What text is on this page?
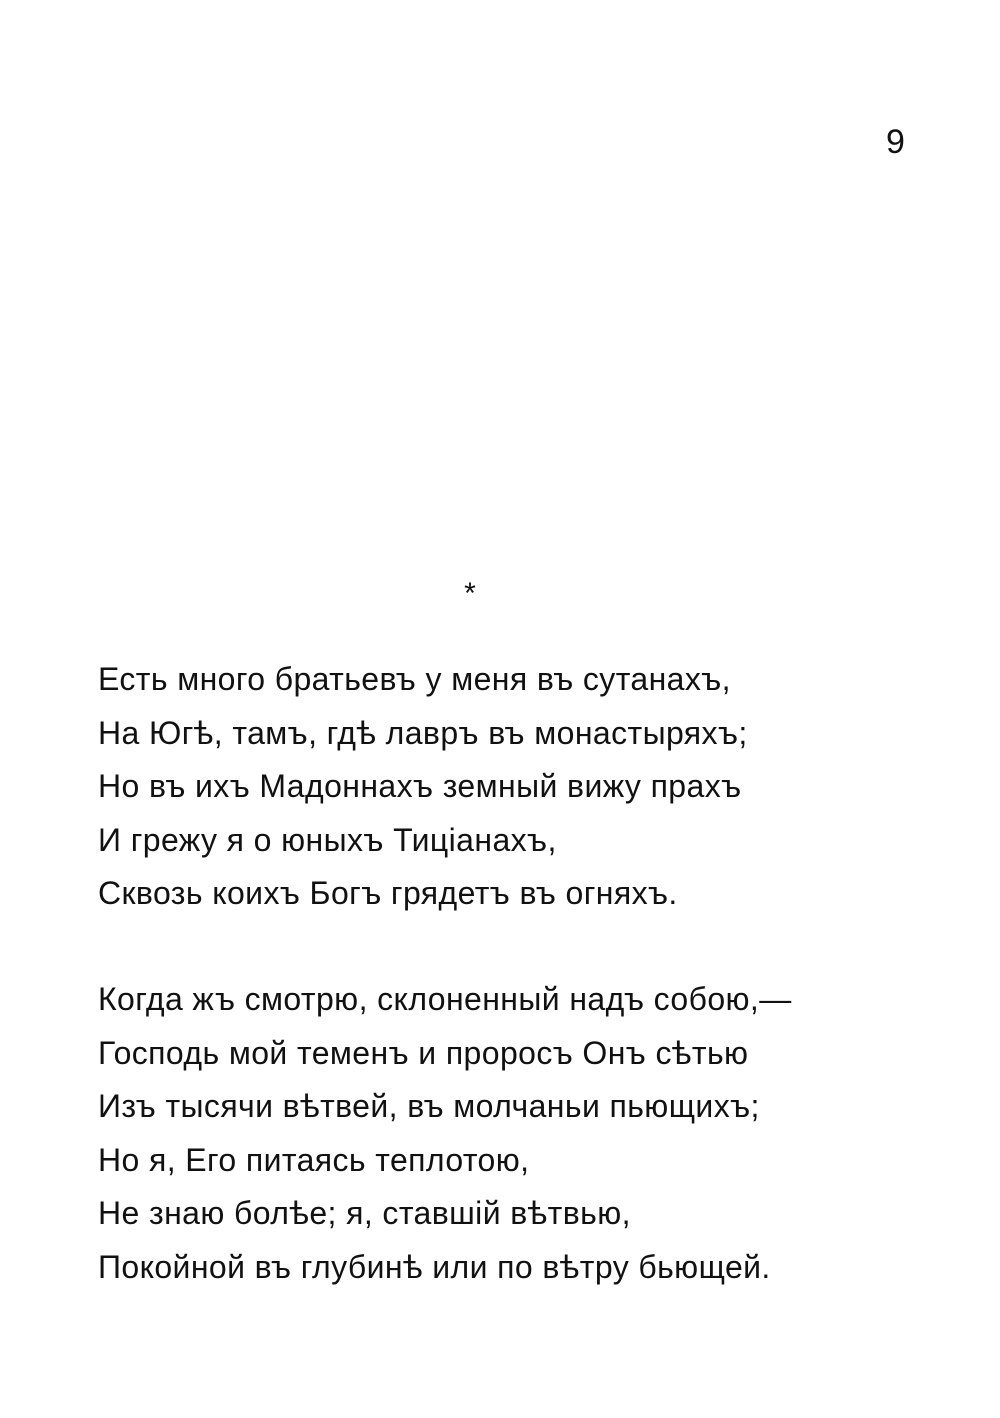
9
*
Есть много братьевъ у меня въ сутанахъ,
На Югѣ, тамъ, гдѣ лавръ въ монастыряхъ;
Но въ ихъ Мадоннахъ земный вижу прахъ
И грежу я о юныхъ Тиціанахъ,
Сквозь коихъ Богъ грядетъ въ огняхъ.
Когда жъ смотрю, склоненный надъ собою,—
Господь мой теменъ и проросъ Онъ сѣтью
Изъ тысячи вѣтвей, въ молчаньи пьющихъ;
Но я, Его питаясь теплотою,
Не знаю болѣе; я, ставшій вѣтвью,
Покойной въ глубинѣ или по вѣтру бьющей.
